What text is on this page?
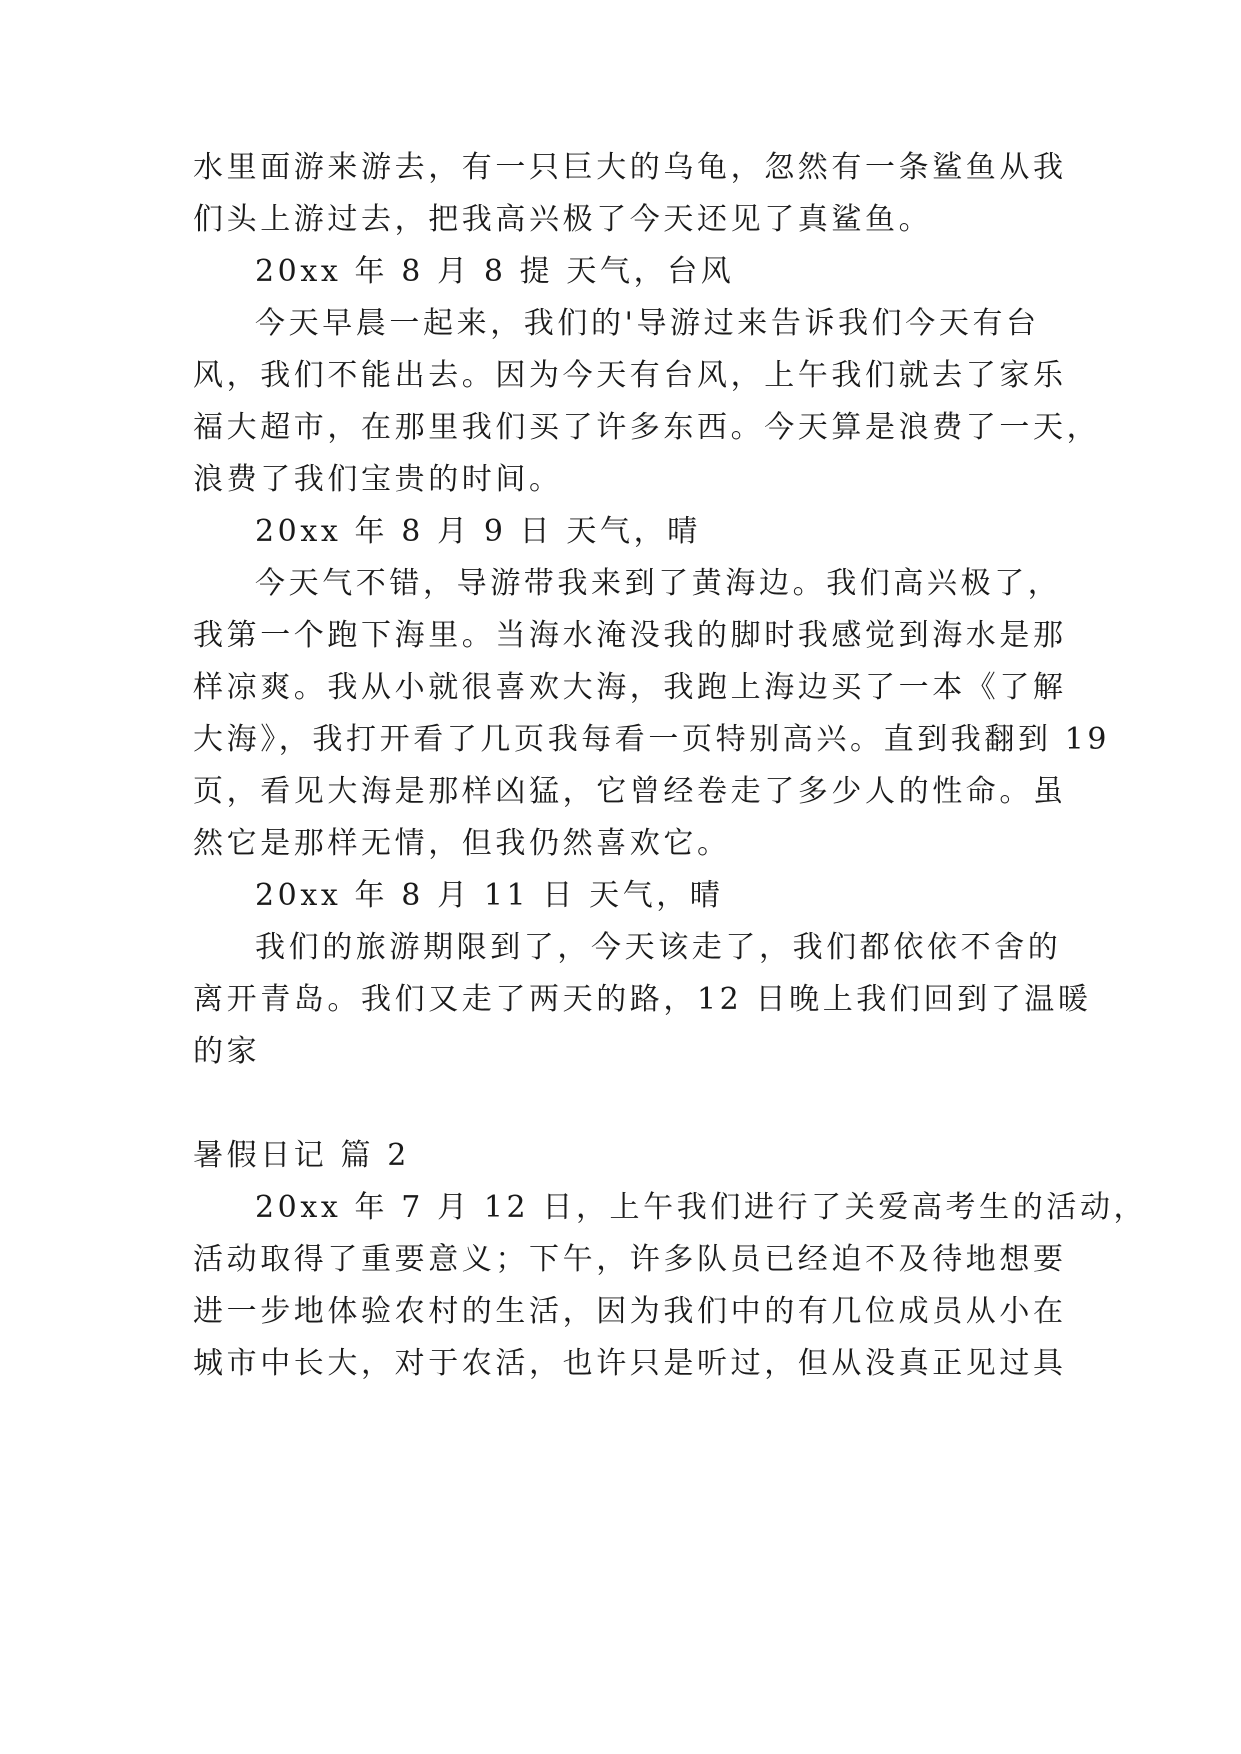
水里面游来游去，有一只巨大的乌龟，忽然有一条鲨鱼从我
们头上游过去，把我高兴极了今天还见了真鲨鱼。
20xx 年 8 月 8 提 天气，台风
今天早晨一起来，我们的'导游过来告诉我们今天有台
风，我们不能出去。因为今天有台风，上午我们就去了家乐
福大超市，在那里我们买了许多东西。今天算是浪费了一天，
浪费了我们宝贵的时间。
20xx 年 8 月 9 日 天气，晴
今天气不错，导游带我来到了黄海边。我们高兴极了，
我第一个跑下海里。当海水淹没我的脚时我感觉到海水是那
样凉爽。我从小就很喜欢大海，我跑上海边买了一本《了解
大海》，我打开看了几页我每看一页特别高兴。直到我翻到 19
页，看见大海是那样凶猛，它曾经卷走了多少人的性命。虽
然它是那样无情，但我仍然喜欢它。
20xx 年 8 月 11 日 天气，晴
我们的旅游期限到了，今天该走了，我们都依依不舍的
离开青岛。我们又走了两天的路，12 日晚上我们回到了温暖
的家
暑假日记 篇 2
20xx 年 7 月 12 日，上午我们进行了关爱高考生的活动，
活动取得了重要意义；下午，许多队员已经迫不及待地想要
进一步地体验农村的生活，因为我们中的有几位成员从小在
城市中长大，对于农活，也许只是听过，但从没真正见过具
